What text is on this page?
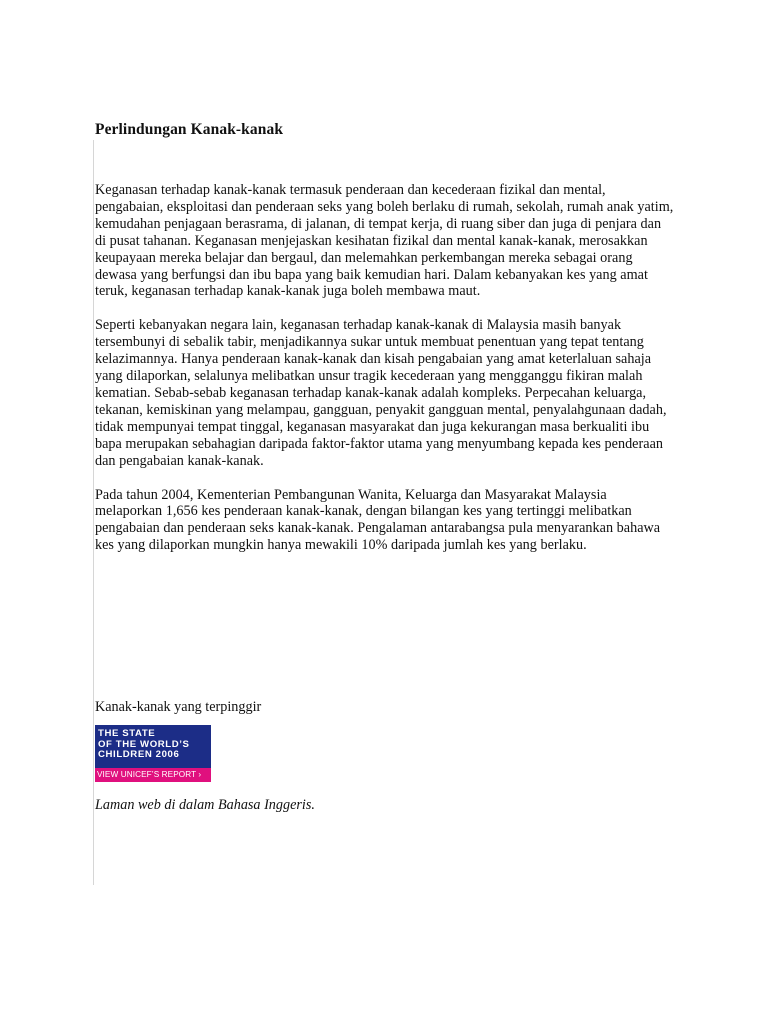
Perlindungan Kanak-kanak

Keganasan terhadap kanak-kanak termasuk penderaan dan kecederaan fizikal dan mental, pengabaian, eksploitasi dan penderaan seks yang boleh berlaku di rumah, sekolah, rumah anak yatim, kemudahan penjagaan berasrama, di jalanan, di tempat kerja, di ruang siber dan juga di penjara dan di pusat tahanan. Keganasan menjejaskan kesihatan fizikal dan mental kanak-kanak, merosakkan keupayaan mereka belajar dan bergaul, dan melemahkan perkembangan mereka sebagai orang dewasa yang berfungsi dan ibu bapa yang baik kemudian hari. Dalam kebanyakan kes yang amat teruk, keganasan terhadap kanak-kanak juga boleh membawa maut.

Seperti kebanyakan negara lain, keganasan terhadap kanak-kanak di Malaysia masih banyak tersembunyi di sebalik tabir, menjadikannya sukar untuk membuat penentuan yang tepat tentang kelazimannya. Hanya penderaan kanak-kanak dan kisah pengabaian yang amat keterlaluan sahaja yang dilaporkan, selalunya melibatkan unsur tragik kecederaan yang mengganggu fikiran malah kematian. Sebab-sebab keganasan terhadap kanak-kanak adalah kompleks. Perpecahan keluarga, tekanan, kemiskinan yang melampau, gangguan, penyakit gangguan mental, penyalahgunaan dadah, tidak mempunyai tempat tinggal, keganasan masyarakat dan juga kekurangan masa berkualiti ibu bapa merupakan sebahagian daripada faktor-faktor utama yang menyumbang kepada kes penderaan dan pengabaian kanak-kanak.

Pada tahun 2004, Kementerian Pembangunan Wanita, Keluarga dan Masyarakat Malaysia melaporkan 1,656 kes penderaan kanak-kanak, dengan bilangan kes yang tertinggi melibatkan pengabaian dan penderaan seks kanak-kanak. Pengalaman antarabangsa pula menyarankan bahawa kes yang dilaporkan mungkin hanya mewakili 10% daripada jumlah kes yang berlaku.

Kanak-kanak yang terpinggir

THE STATE
OF THE WORLD’S
CHILDREN 2006
VIEW UNICEF’S REPORT ›

Laman web di dalam Bahasa Inggeris.
